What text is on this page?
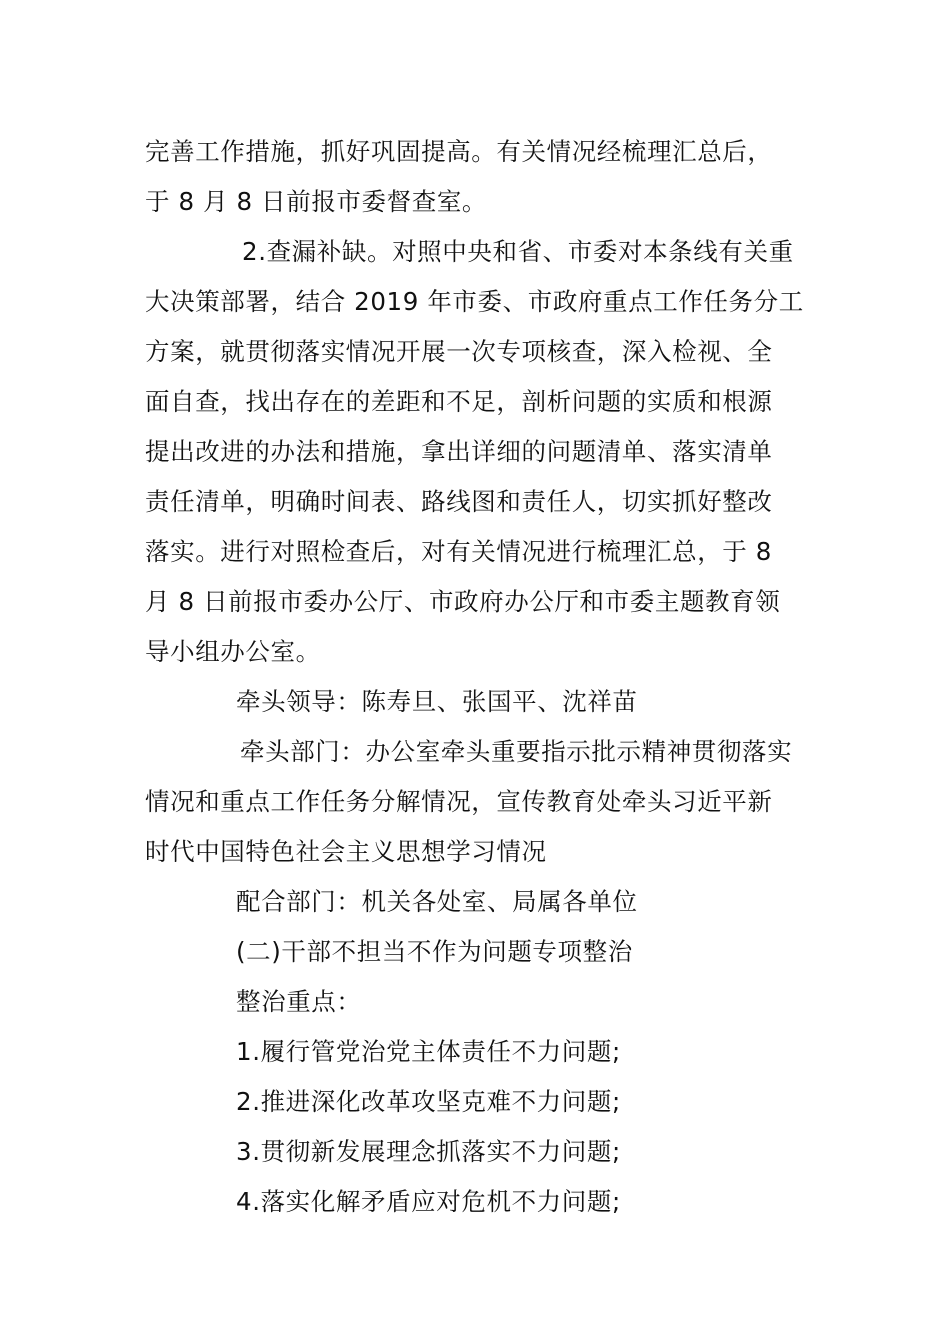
完善工作措施，抓好巩固提高。有关情况经梳理汇总后，
于 8 月 8 日前报市委督查室。
2.查漏补缺。对照中央和省、市委对本条线有关重
大决策部署，结合 2019 年市委、市政府重点工作任务分工
方案，就贯彻落实情况开展一次专项核查，深入检视、全
面自查，找出存在的差距和不足，剖析问题的实质和根源
提出改进的办法和措施，拿出详细的问题清单、落实清单
责任清单，明确时间表、路线图和责任人，切实抓好整改
落实。进行对照检查后，对有关情况进行梳理汇总，于 8
月 8 日前报市委办公厅、市政府办公厅和市委主题教育领
导小组办公室。
牵头领导：陈寿旦、张国平、沈祥苗
牵头部门：办公室牵头重要指示批示精神贯彻落实
情况和重点工作任务分解情况，宣传教育处牵头习近平新
时代中国特色社会主义思想学习情况
配合部门：机关各处室、局属各单位
(二)干部不担当不作为问题专项整治
整治重点：
1.履行管党治党主体责任不力问题;
2.推进深化改革攻坚克难不力问题;
3.贯彻新发展理念抓落实不力问题;
4.落实化解矛盾应对危机不力问题;
